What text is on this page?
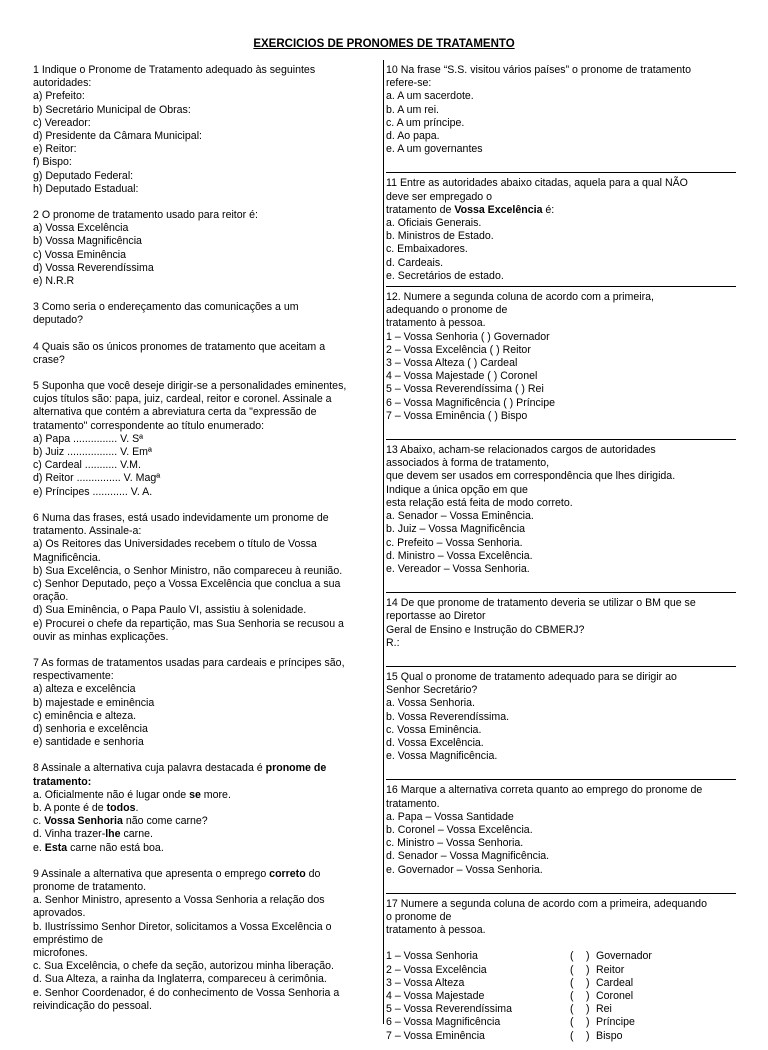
EXERCICIOS DE PRONOMES DE TRATAMENTO
1 Indique o Pronome de Tratamento adequado às seguintes
autoridades:
a) Prefeito:
b) Secretário Municipal de Obras:
c) Vereador:
d) Presidente da Câmara Municipal:
e) Reitor:
f) Bispo:
g) Deputado Federal:
h) Deputado Estadual:
2 O pronome de tratamento usado para reitor é:
a) Vossa Excelência
b) Vossa Magnificência
c) Vossa Eminência
d) Vossa Reverendíssima
e) N.R.R
3 Como seria o endereçamento das comunicações a um
deputado?
4 Quais são os únicos pronomes de tratamento que aceitam a
crase?
5 Suponha que você deseje dirigir-se a personalidades eminentes,
cujos títulos são: papa, juiz, cardeal, reitor e coronel. Assinale a
alternativa que contém a abreviatura certa da "expressão de
tratamento" correspondente ao título enumerado:
a) Papa ............... V. Sª
b) Juiz ................. V. Emª
c) Cardeal ........... V.M.
d) Reitor ............... V. Magª
e) Príncipes ............ V. A.
6 Numa das frases, está usado indevidamente um pronome de
tratamento. Assinale-a:
a) Os Reitores das Universidades recebem o título de Vossa
Magnificência.
b) Sua Excelência, o Senhor Ministro, não compareceu à reunião.
c) Senhor Deputado, peço a Vossa Excelência que conclua a sua
oração.
d) Sua Eminência, o Papa Paulo VI, assistiu à solenidade.
e) Procurei o chefe da repartição, mas Sua Senhoria se recusou a
ouvir as minhas explicações.
7 As formas de tratamentos usadas para cardeais e príncipes são,
respectivamente:
a) alteza e excelência
b) majestade e eminência
c) eminência e alteza.
d) senhoria e excelência
e) santidade e senhoria
8 Assinale a alternativa cuja palavra destacada é pronome de
tratamento:
a. Oficialmente não é lugar onde se more.
b. A ponte é de todos.
c. Vossa Senhoria não come carne?
d. Vinha trazer-lhe carne.
e. Esta carne não está boa.
9 Assinale a alternativa que apresenta o emprego correto do
pronome de tratamento.
a. Senhor Ministro, apresento a Vossa Senhoria a relação dos
aprovados.
b. Ilustríssimo Senhor Diretor, solicitamos a Vossa Excelência o
empréstimo de
microfones.
c. Sua Excelência, o chefe da seção, autorizou minha liberação.
d. Sua Alteza, a rainha da Inglaterra, compareceu à cerimônia.
e. Senhor Coordenador, é do conhecimento de Vossa Senhoria a
reivindicação do pessoal.
10 Na frase “S.S. visitou vários países” o pronome de tratamento
refere-se:
a. A um sacerdote.
b. A um rei.
c. A um príncipe.
d. Ao papa.
e. A um governantes
11 Entre as autoridades abaixo citadas, aquela para a qual NÃO
deve ser empregado o
tratamento de Vossa Excelência é:
a. Oficiais Generais.
b. Ministros de Estado.
c. Embaixadores.
d. Cardeais.
e. Secretários de estado.
12. Numere a segunda coluna de acordo com a primeira,
adequando o pronome de
tratamento à pessoa.
1 – Vossa Senhoria ( ) Governador
2 – Vossa Excelência ( ) Reitor
3 – Vossa Alteza ( ) Cardeal
4 – Vossa Majestade ( ) Coronel
5 – Vossa Reverendíssima ( ) Rei
6 – Vossa Magnificência ( ) Príncipe
7 – Vossa Eminência ( ) Bispo
13 Abaixo, acham-se relacionados cargos de autoridades
associados à forma de tratamento,
que devem ser usados em correspondência que lhes dirigida.
Indique a única opção em que
esta relação está feita de modo correto.
a. Senador – Vossa Eminência.
b. Juiz – Vossa Magnificência
c. Prefeito – Vossa Senhoria.
d. Ministro – Vossa Excelência.
e. Vereador – Vossa Senhoria.
14 De que pronome de tratamento deveria se utilizar o BM que se
reportasse ao Diretor
Geral de Ensino e Instrução do CBMERJ?
R.:
15 Qual o pronome de tratamento adequado para se dirigir ao
Senhor Secretário?
a. Vossa Senhoria.
b. Vossa Reverendíssima.
c. Vossa Eminência.
d. Vossa Excelência.
e. Vossa Magnificência.
16 Marque a alternativa correta quanto ao emprego do pronome de
tratamento.
a. Papa – Vossa Santidade
b. Coronel – Vossa Excelência.
c. Ministro – Vossa Senhoria.
d. Senador – Vossa Magnificência.
e. Governador – Vossa Senhoria.
17 Numere a segunda coluna de acordo com a primeira, adequando
o pronome de
tratamento à pessoa.
1 – Vossa Senhoria	(	) Governador
2 – Vossa Excelência	(	) Reitor
3 – Vossa Alteza	(	) Cardeal
4 – Vossa Majestade	(	) Coronel
5 – Vossa Reverendíssima	(	) Rei
6 – Vossa Magnificência	(	) Príncipe
7 – Vossa Eminência	(	) Bispo
